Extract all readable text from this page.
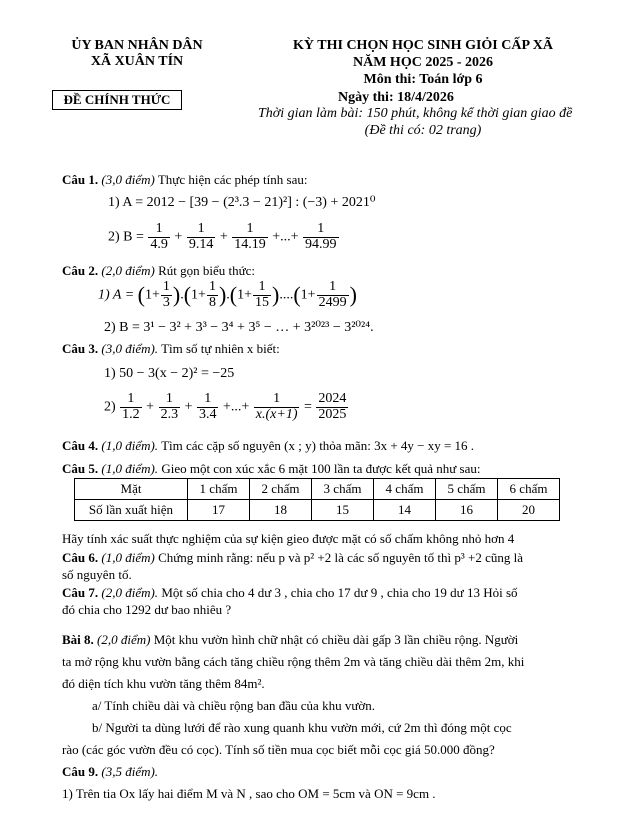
ỦY BAN NHÂN DÂN
XÃ XUÂN TÍN
ĐỀ CHÍNH THỨC
KỲ THI CHỌN HỌC SINH GIỎI CẤP XÃ
NĂM HỌC 2025 - 2026
Môn thi: Toán lớp 6
Ngày thi: 18/4/2026
Thời gian làm bài: 150 phút, không kể thời gian giao đề
(Đề thi có: 02 trang)
Câu 1. (3,0 điểm) Thực hiện các phép tính sau:
1) A = 2012 − [39 − (2³.3 − 21)²] : (−3) + 2021⁰
2) $B = \frac{1}{4.9} + \frac{1}{9.14} + \frac{1}{14.19}$ +...+ $\frac{1}{94.99}$
Câu 2. (2,0 điểm) Rút gọn biểu thức:
1) $A = (1+ \frac{1}{3} ).(1+ \frac{1}{8} ).(1+ \frac{1}{15} )....(1+ \frac{1}{2499}$ )
2) B = 3¹ − 3² + 3³ − 3⁴ + 3⁵ − … + 3²⁰²³ − 3²⁰²⁴.
Câu 3. (3,0 điểm). Tìm số tự nhiên x biết:
1) 50 − 3(x − 2)² = −25
$2) \frac{1}{1.2} + \frac{1}{2.3} + \frac{1}{3.4}$ +...+ $\frac{1}{x.(x+1)} = \frac{2024}{2025}$
Câu 4. (1,0 điểm). Tìm các cặp số nguyên (x ; y) thỏa mãn: 3x + 4y − xy = 16 .
Câu 5. (1,0 điểm). Gieo một con xúc xắc 6 mặt 100 lần ta được kết quả như sau:
Mặt	1 chấm	2 chấm	3 chấm	4 chấm	5 chấm	6 chấm
Số lần xuất hiện	17	18	15	14	16	20
Hãy tính xác suất thực nghiệm của sự kiện gieo được mặt có số chấm không nhỏ hơn 4
Câu 6. (1,0 điểm) Chứng minh rằng: nếu p và p² +2 là các số nguyên tố thì p³ +2 cũng là
số nguyên tố.
Câu 7. (2,0 điểm). Một số chia cho 4 dư 3 , chia cho 17 dư 9 , chia cho 19 dư 13 Hỏi số
đó chia cho 1292 dư bao nhiêu ?
Bài 8. (2,0 điểm) Một khu vườn hình chữ nhật có chiều dài gấp 3 lần chiều rộng. Người
ta mở rộng khu vườn bằng cách tăng chiều rộng thêm 2m và tăng chiều dài thêm 2m, khi
đó diện tích khu vườn tăng thêm 84m².
a/ Tính chiều dài và chiều rộng ban đầu của khu vườn.
b/ Người ta dùng lưới để rào xung quanh khu vườn mới, cứ 2m thì đóng một cọc
rào (các góc vườn đều có cọc). Tính số tiền mua cọc biết mỗi cọc giá 50.000 đồng?
Câu 9. (3,5 điểm).
1) Trên tia Ox lấy hai điểm M và N , sao cho OM = 5cm và ON = 9cm .
